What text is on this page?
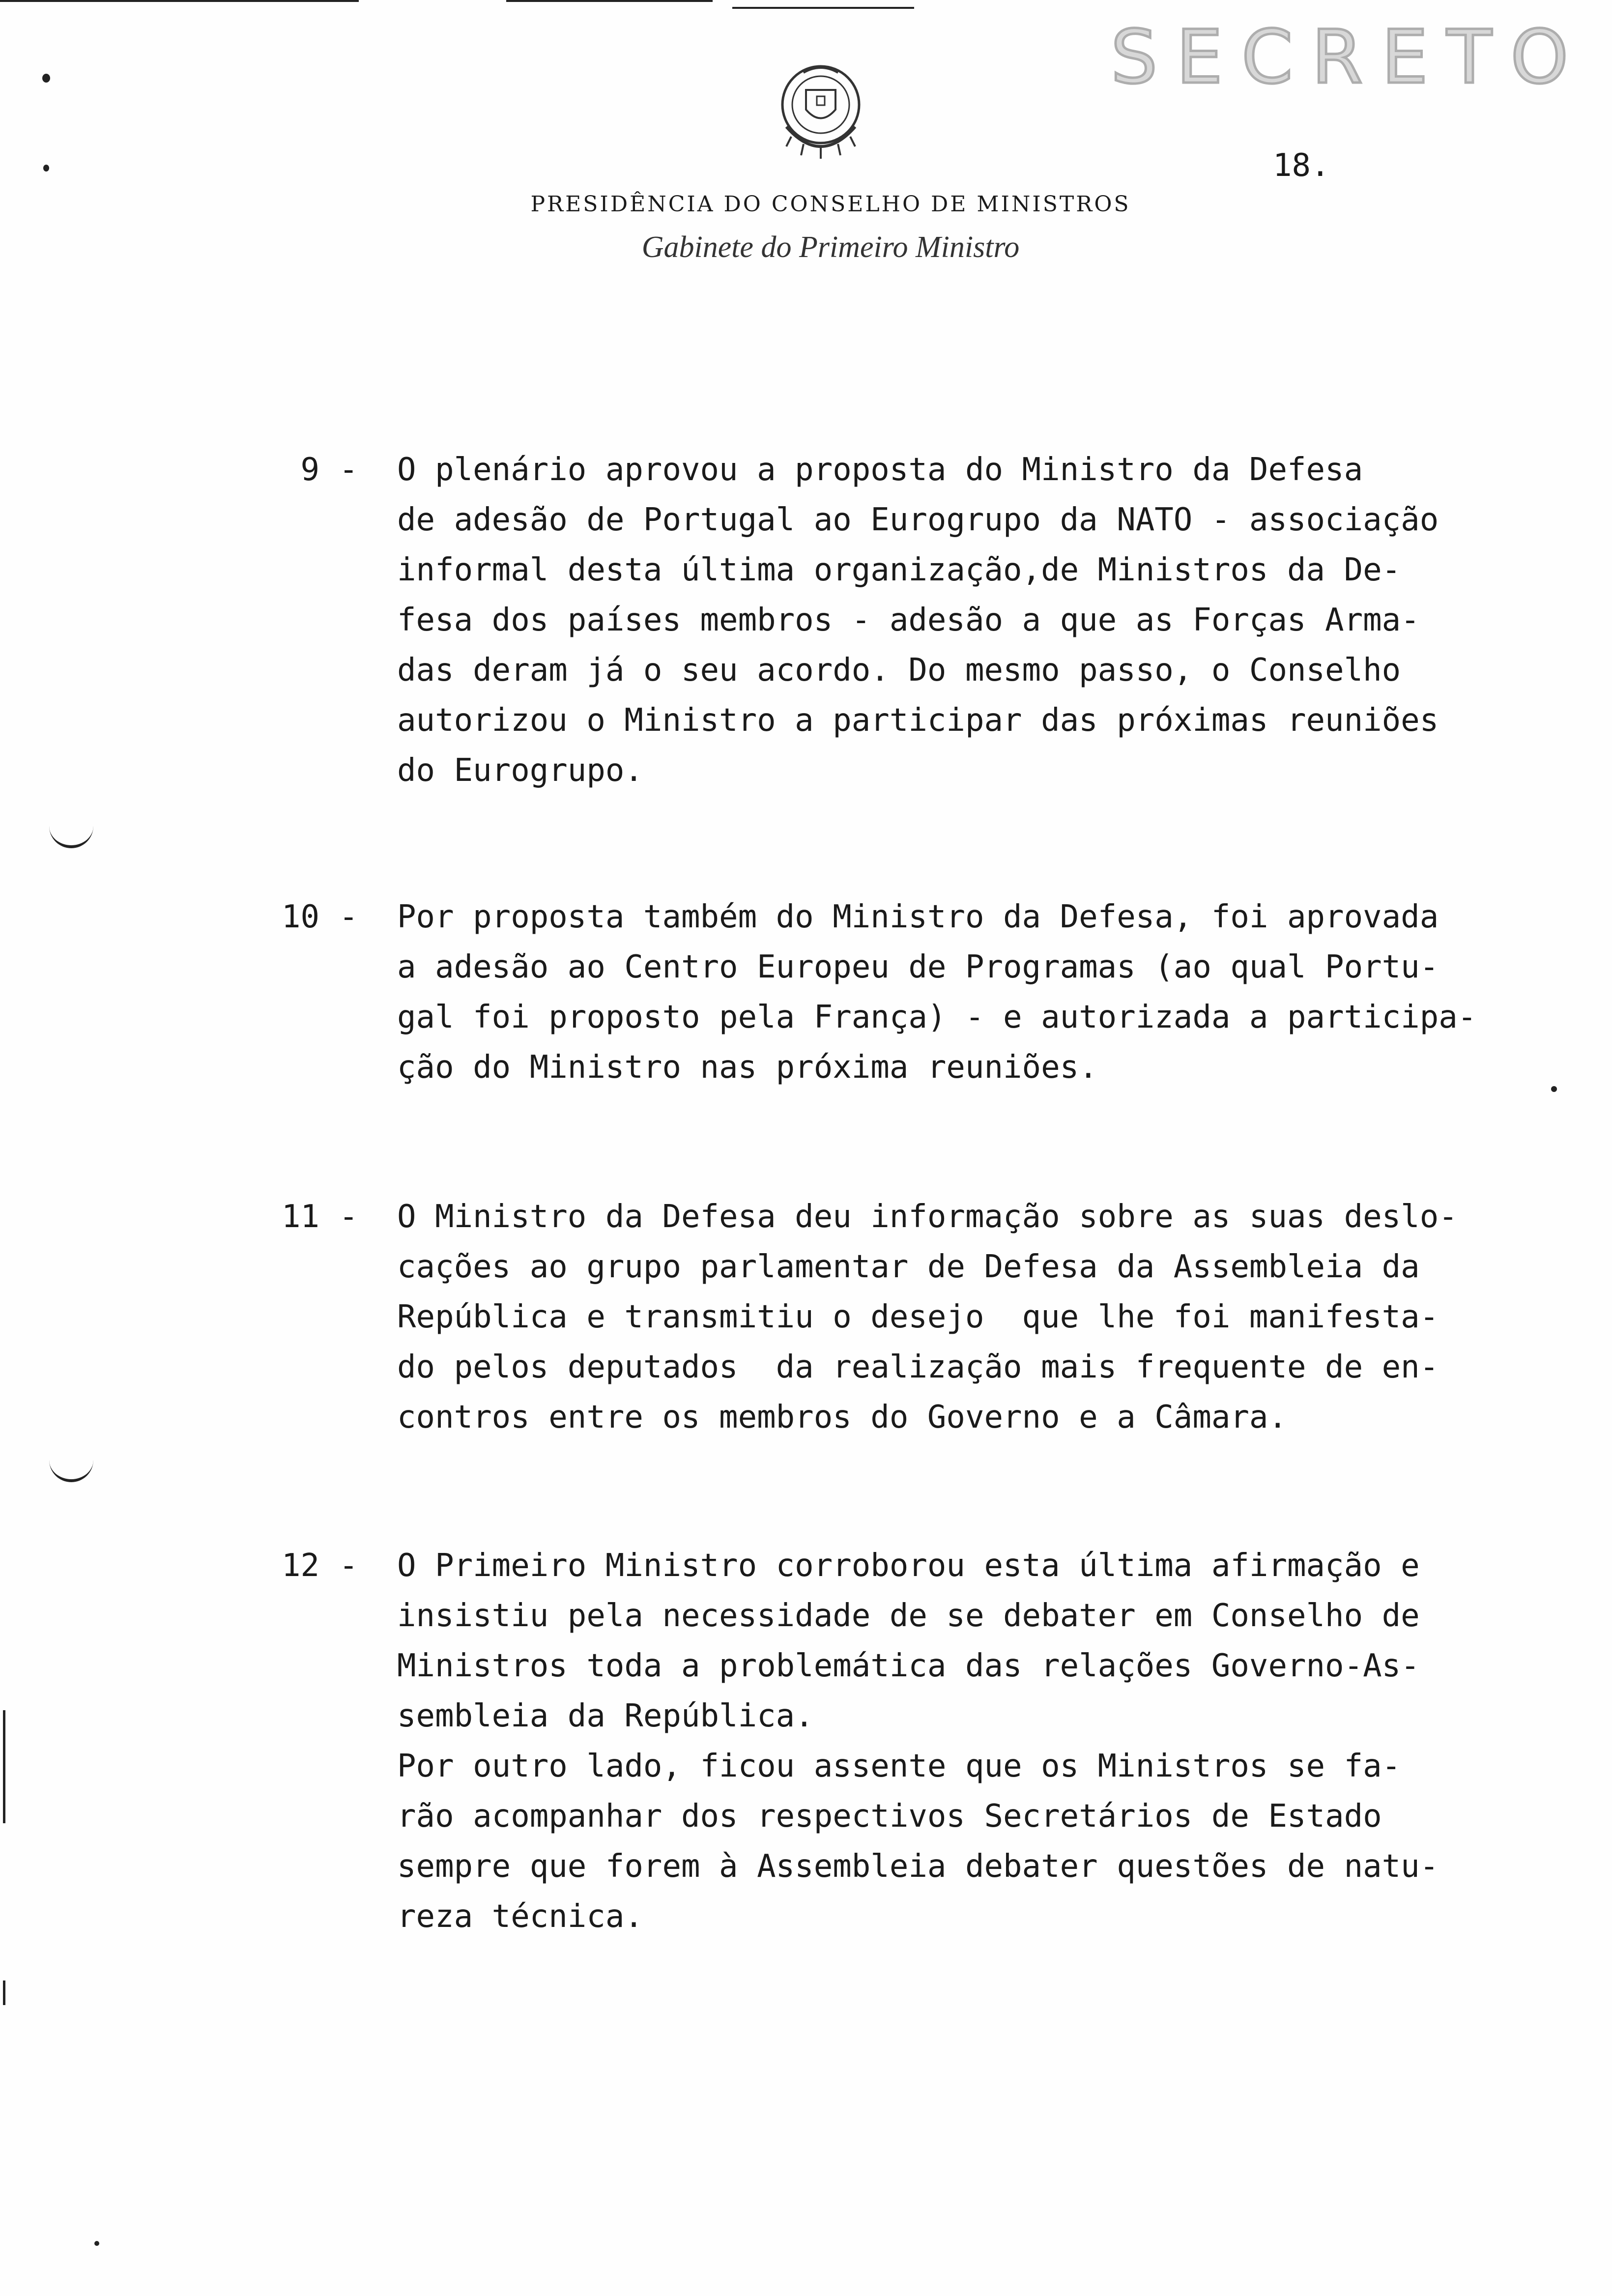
SECRETO
18.
PRESIDÊNCIA DO CONSELHO DE MINISTROS
Gabinete do Primeiro Ministro

9

-

O plenário aprovou a proposta do Ministro da Defesa

de adesão de Portugal ao Eurogrupo da NATO - associação

informal desta última organização,de Ministros da De-

fesa dos países membros - adesão a que as Forças Arma-

das deram já o seu acordo. Do mesmo passo, o Conselho

autorizou o Ministro a participar das próximas reuniões

do Eurogrupo.

10

-

Por proposta também do Ministro da Defesa, foi aprovada

a adesão ao Centro Europeu de Programas (ao qual Portu-

gal foi proposto pela França) - e autorizada a participa-

ção do Ministro nas próxima reuniões.

11

-

O Ministro da Defesa deu informação sobre as suas deslo-

cações ao grupo parlamentar de Defesa da Assembleia da

República e transmitiu o desejo  que lhe foi manifesta-

do pelos deputados  da realização mais frequente de en-

contros entre os membros do Governo e a Câmara.

12

-

O Primeiro Ministro corroborou esta última afirmação e

insistiu pela necessidade de se debater em Conselho de

Ministros toda a problemática das relações Governo-As-

sembleia da República.

Por outro lado, ficou assente que os Ministros se fa-

rão acompanhar dos respectivos Secretários de Estado

sempre que forem à Assembleia debater questões de natu-

reza técnica.
